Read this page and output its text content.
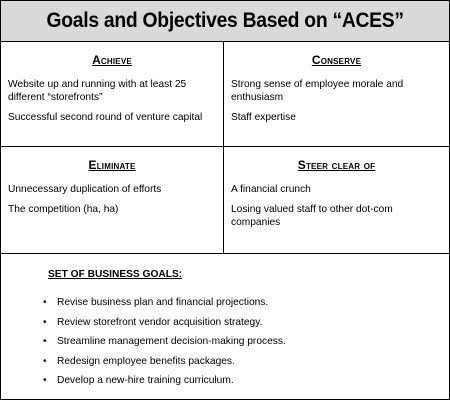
Goals and Objectives Based on “ACES”
Achieve
Website up and running with at least 25 different “storefronts”
Successful second round of venture capital
Conserve
Strong sense of employee morale and enthusiasm
Staff expertise
Eliminate
Unnecessary duplication of efforts
The competition (ha, ha)
Steer clear of
A financial crunch
Losing valued staff to other dot-com companies
SET OF BUSINESS GOALS:
•	Revise business plan and financial projections.
•	Review storefront vendor acquisition strategy.
•	Streamline management decision-making process.
•	Redesign employee benefits packages.
•	Develop a new-hire training curriculum.
